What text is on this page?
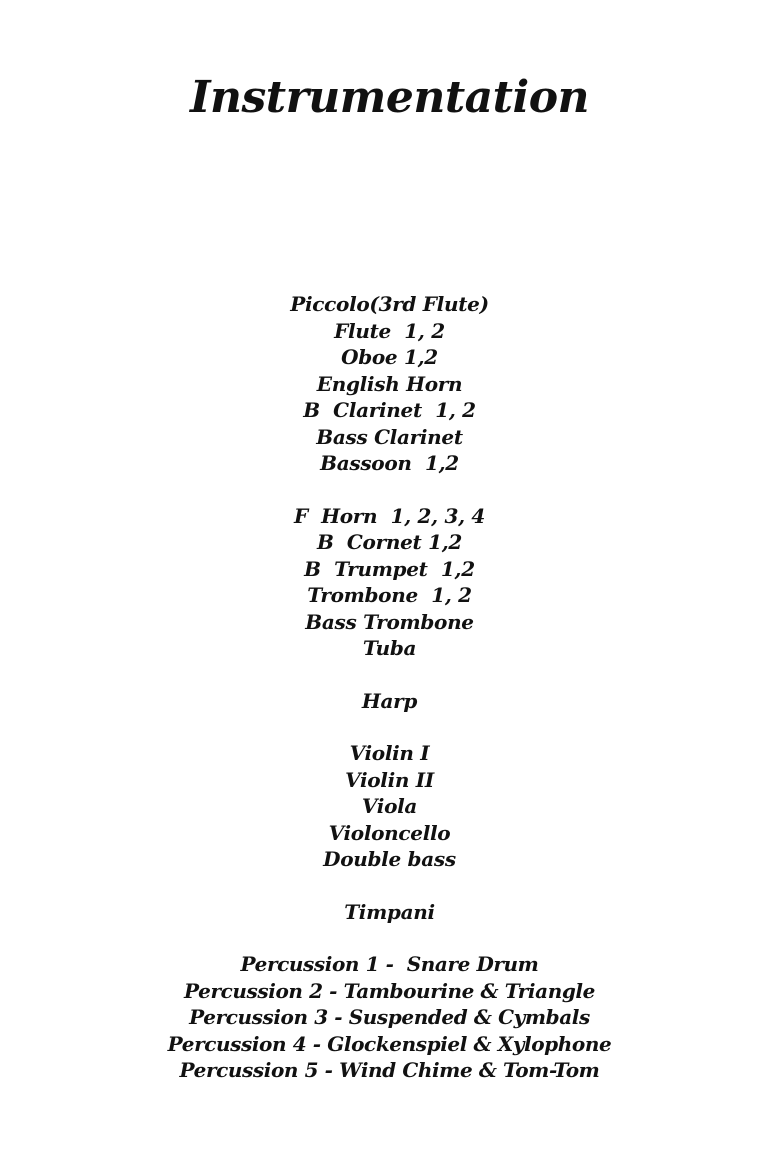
Instrumentation
Piccolo(3rd Flute)
Flute  1, 2
Oboe 1,2
English Horn
B  Clarinet  1, 2
Bass Clarinet
Bassoon  1,2
F  Horn  1, 2, 3, 4
B  Cornet 1,2
B  Trumpet  1,2
Trombone  1, 2
Bass Trombone
Tuba
Harp
Violin I
Violin II
Viola
Violoncello
Double bass
Timpani
Percussion 1 -  Snare Drum
Percussion 2 - Tambourine & Triangle
Percussion 3 - Suspended & Cymbals
Percussion 4 - Glockenspiel & Xylophone
Percussion 5 - Wind Chime & Tom-Tom
